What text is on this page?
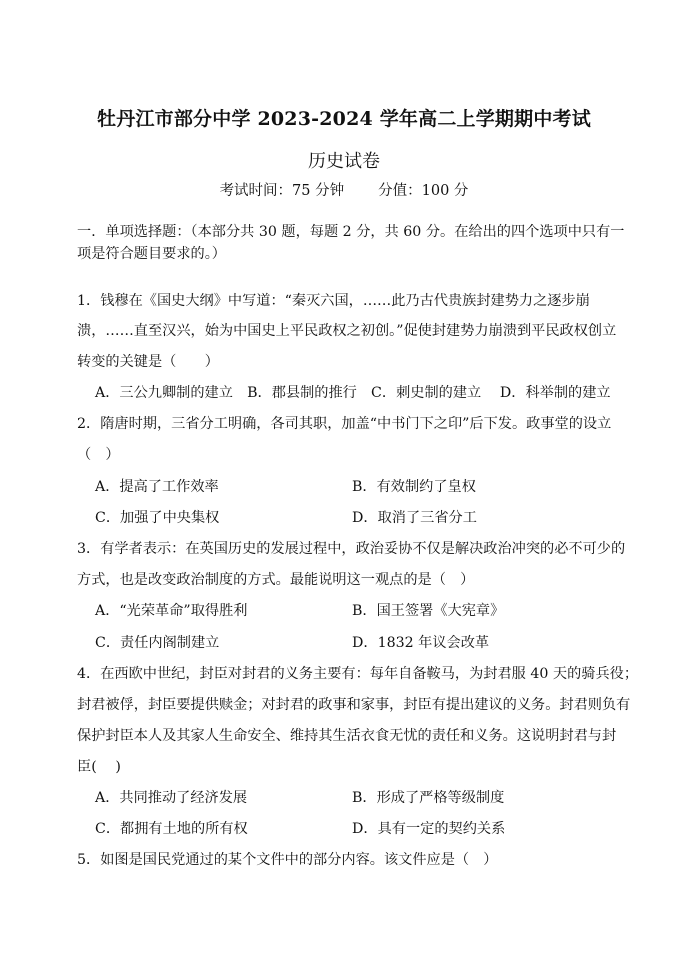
牡丹江市部分中学 2023-2024 学年高二上学期期中考试
历史试卷
考试时间：75 分钟 分值：100 分
一．单项选择题：（本部分共 30 题，每题 2 分，共 60 分。在给出的四个选项中只有一
项是符合题目要求的。）
1．钱穆在《国史大纲》中写道：“秦灭六国，……此乃古代贵族封建势力之逐步崩
溃，……直至汉兴，始为中国史上平民政权之初创。”促使封建势力崩溃到平民政权创立
转变的关键是（　　）
A．三公九卿制的建立　B．郡县制的推行　C．刺史制的建立　 D．科举制的建立
2．隋唐时期，三省分工明确，各司其职，加盖“中书门下之印”后下发。政事堂的设立
（　）
A．提高了工作效率	B．有效制约了皇权
C．加强了中央集权	D．取消了三省分工
3．有学者表示：在英国历史的发展过程中，政治妥协不仅是解决政治冲突的必不可少的
方式，也是改变政治制度的方式。最能说明这一观点的是（　）
A．“光荣革命”取得胜利	B．国王签署《大宪章》
C．责任内阁制建立	D．1832 年议会改革
4．在西欧中世纪，封臣对封君的义务主要有：每年自备鞍马，为封君服 40 天的骑兵役；
封君被俘，封臣要提供赎金；对封君的政事和家事，封臣有提出建议的义务。封君则负有
保护封臣本人及其家人生命安全、维持其生活衣食无忧的责任和义务。这说明封君与封
臣(　 )
A．共同推动了经济发展	B．形成了严格等级制度
C．都拥有土地的所有权	D．具有一定的契约关系
5．如图是国民党通过的某个文件中的部分内容。该文件应是（　）
